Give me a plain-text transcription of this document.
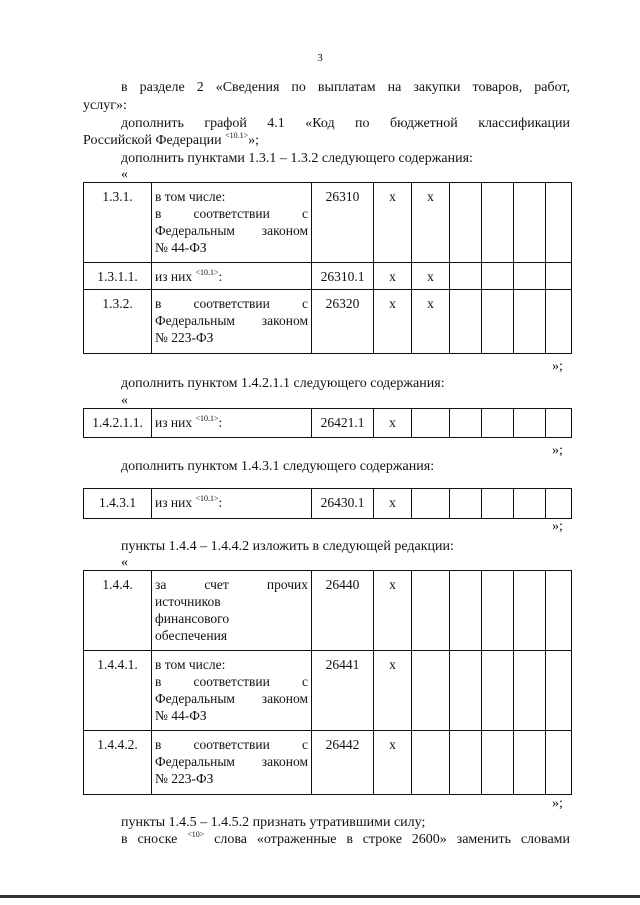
3
в разделе 2 «Сведения по выплатам на закупки товаров, работ,
услуг»:
дополнить графой 4.1 «Код по бюджетной классификации
Российской Федерации $^{<10.1>}$»;
дополнить пунктами 1.3.1 – 1.3.2 следующего содержания:
«
1.3.1.	в том числе:
в соответствии с
Федеральным законом
№ 44-ФЗ	26310	х	х				
1.3.1.1.	из них $^{<10.1>}$:	26310.1	х	х				
1.3.2.	в соответствии с
Федеральным законом
№ 223-ФЗ	26320	х	х				
»;
дополнить пунктом 1.4.2.1.1 следующего содержания:
«
1.4.2.1.1.	из них $^{<10.1>}$:	26421.1	х					
»;
дополнить пунктом 1.4.3.1 следующего содержания:
1.4.3.1	из них $^{<10.1>}$:	26430.1	х					
»;
пункты 1.4.4 – 1.4.4.2 изложить в следующей редакции:
«
1.4.4.	за счет прочих
источников
финансового
обеспечения	26440	х					
1.4.4.1.	в том числе:
в соответствии с
Федеральным законом
№ 44-ФЗ	26441	х					
1.4.4.2.	в соответствии с
Федеральным законом
№ 223-ФЗ	26442	х					
»;
пункты 1.4.5 – 1.4.5.2 признать утратившими силу;
в сноске $^{<10>}$ слова «отраженные в строке 2600» заменить словами
